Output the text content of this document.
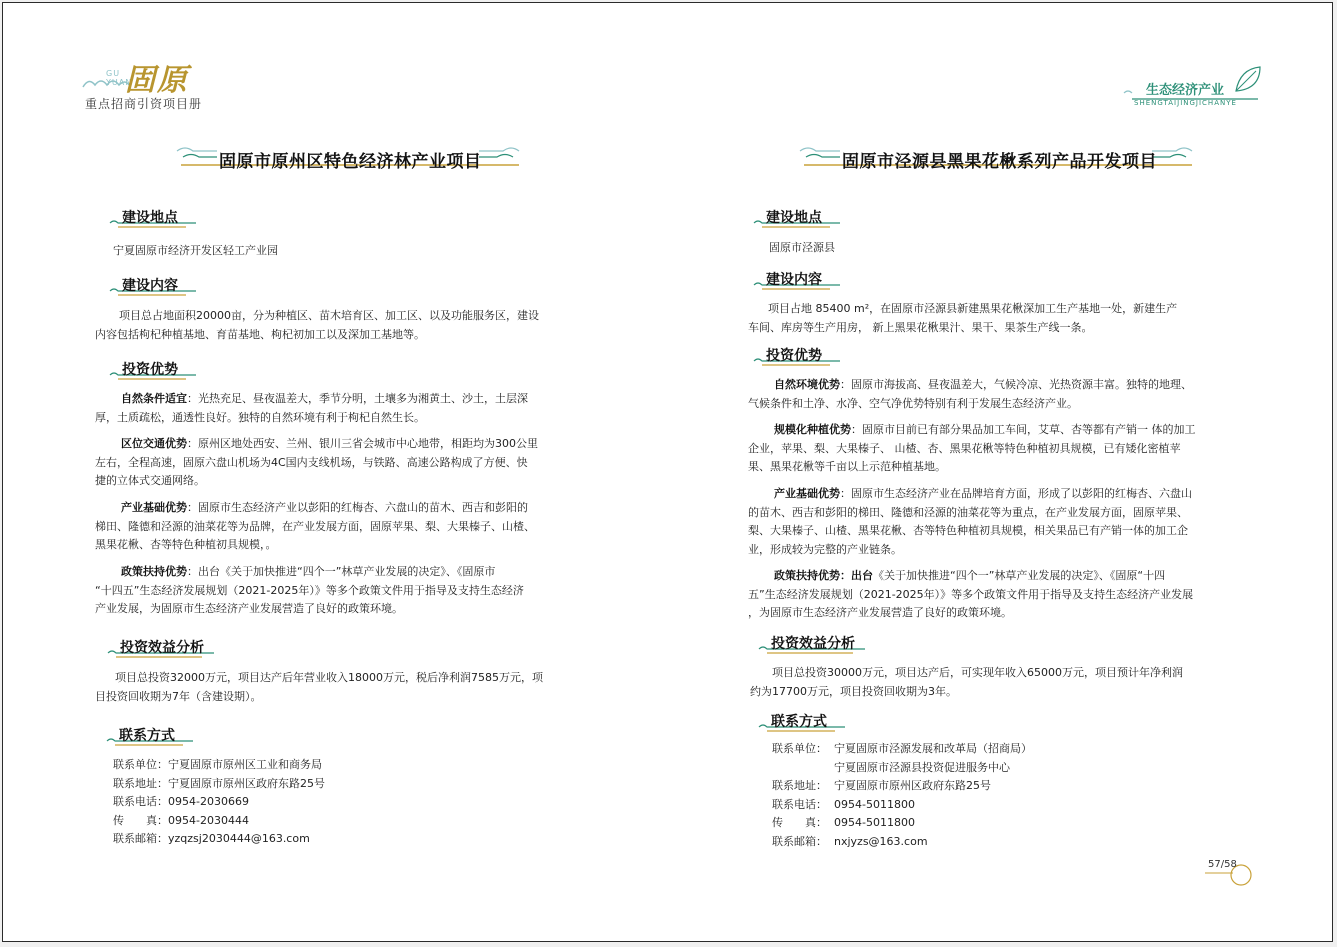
GU
YUAN
固原
重点招商引资项目册
固原市原州区特色经济林产业项目
建设地点
宁夏固原市经济开发区轻工产业园
建设内容
项目总占地面积20000亩，分为种植区、苗木培育区、加工区、以及功能服务区，建设
内容包括枸杞种植基地、育苗基地、枸杞初加工以及深加工基地等。
投资优势
自然条件适宜：光热充足、昼夜温差大，季节分明，土壤多为湘黄土、沙土，土层深
厚，土质疏松，通透性良好。独特的自然环境有利于枸杞自然生长。
区位交通优势：原州区地处西安、兰州、银川三省会城市中心地带，相距均为300公里
左右，全程高速，固原六盘山机场为4C国内支线机场，与铁路、高速公路构成了方便、快
捷的立体式交通网络。
产业基础优势：固原市生态经济产业以彭阳的红梅杏、六盘山的苗木、西吉和彭阳的
梯田、隆德和泾源的油菜花等为品牌，在产业发展方面，固原苹果、梨、大果榛子、山楂、
黑果花楸、杏等特色种植初具规模，。
政策扶持优势：出台《关于加快推进“四个一”林草产业发展的决定》、《固原市
“十四五”生态经济发展规划（2021-2025年）》等多个政策文件用于指导及支持生态经济
产业发展，为固原市生态经济产业发展营造了良好的政策环境。
投资效益分析
项目总投资32000万元，项目达产后年营业收入18000万元，税后净利润7585万元，项
目投资回收期为7年（含建设期）。
联系方式
联系单位： 宁夏固原市原州区工业和商务局
联系地址： 宁夏固原市原州区政府东路25号
联系电话： 0954-2030669
传　　真： 0954-2030444
联系邮箱： yzqzsj2030444@163.com
生态经济产业
SHENGTAIJINGJICHANYE
固原市泾源县黑果花楸系列产品开发项目
建设地点
固原市泾源县
建设内容
项目占地 85400 m²，在固原市泾源县新建黑果花楸深加工生产基地一处，新建生产
车间、库房等生产用房， 新上黑果花楸果汁、果干、果茶生产线一条。
投资优势
自然环境优势：固原市海拔高、昼夜温差大，气候冷凉、光热资源丰富。独特的地理、
气候条件和土净、水净、空气净优势特别有利于发展生态经济产业。
规模化种植优势：固原市目前已有部分果品加工车间，艾草、杏等都有产销一 体的加工
企业，苹果、梨、大果榛子、 山楂、杏、黑果花楸等特色种植初具规模，已有矮化密植苹
果、黑果花楸等千亩以上示范种植基地。
产业基础优势：固原市生态经济产业在品牌培育方面，形成了以彭阳的红梅杏、六盘山
的苗木、西吉和彭阳的梯田、隆德和泾源的油菜花等为重点，在产业发展方面，固原苹果、
梨、大果榛子、山楂、黑果花楸、杏等特色种植初具规模，相关果品已有产销一体的加工企
业，形成较为完整的产业链条。
政策扶持优势：出台《关于加快推进“四个一”林草产业发展的决定》、《固原“十四
五”生态经济发展规划（2021-2025年）》等多个政策文件用于指导及支持生态经济产业发展
，为固原市生态经济产业发展营造了良好的政策环境。
投资效益分析
项目总投资30000万元，项目达产后，可实现年收入65000万元，项目预计年净利润
约为17700万元，项目投资回收期为3年。
联系方式
联系单位： 宁夏固原市泾源发展和改革局（招商局）
宁夏固原市泾源县投资促进服务中心
联系地址： 宁夏固原市原州区政府东路25号
联系电话： 0954-5011800
传　　真： 0954-5011800
联系邮箱： nxjyzs@163.com
57/58
